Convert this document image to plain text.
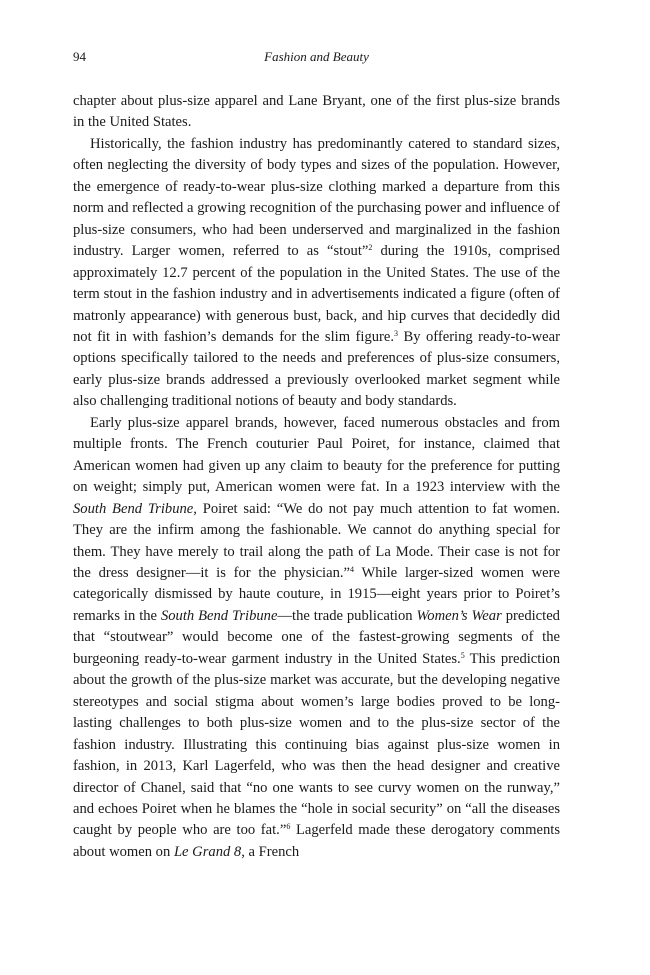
94	Fashion and Beauty

chapter about plus-size apparel and Lane Bryant, one of the first plus-size brands in the United States.

Historically, the fashion industry has predominantly catered to standard sizes, often neglecting the diversity of body types and sizes of the population. However, the emergence of ready-to-wear plus-size clothing marked a departure from this norm and reflected a growing recognition of the purchasing power and influence of plus-size consumers, who had been underserved and marginalized in the fashion industry. Larger women, referred to as “stout”$^2$ during the 1910s, comprised approximately 12.7 percent of the population in the United States. The use of the term stout in the fashion industry and in advertisements indicated a figure (often of matronly appearance) with generous bust, back, and hip curves that decidedly did not fit in with fashion’s demands for the slim figure.$^3$ By offering ready-to-wear options specifically tailored to the needs and preferences of plus-size consumers, early plus-size brands addressed a previously overlooked market segment while also challenging traditional notions of beauty and body standards.

Early plus-size apparel brands, however, faced numerous obstacles and from multiple fronts. The French couturier Paul Poiret, for instance, claimed that American women had given up any claim to beauty for the preference for putting on weight; simply put, American women were fat. In a 1923 interview with the South Bend Tribune, Poiret said: “We do not pay much attention to fat women. They are the infirm among the fashionable. We cannot do anything special for them. They have merely to trail along the path of La Mode. Their case is not for the dress designer—it is for the physician.”$^4$ While larger-sized women were categorically dismissed by haute couture, in 1915—eight years prior to Poiret’s remarks in the South Bend Tribune—the trade publication Women’s Wear predicted that “stoutwear” would become one of the fastest-growing segments of the burgeoning ready-to-wear garment industry in the United States.$^5$ This prediction about the growth of the plus-size market was accurate, but the developing negative stereotypes and social stigma about women’s large bodies proved to be long-lasting challenges to both plus-size women and to the plus-size sector of the fashion industry. Illustrating this continuing bias against plus-size women in fashion, in 2013, Karl Lagerfeld, who was then the head designer and creative director of Chanel, said that “no one wants to see curvy women on the runway,” and echoes Poiret when he blames the “hole in social security” on “all the diseases caught by people who are too fat.”$^6$ Lagerfeld made these derogatory comments about women on Le Grand 8, a French
